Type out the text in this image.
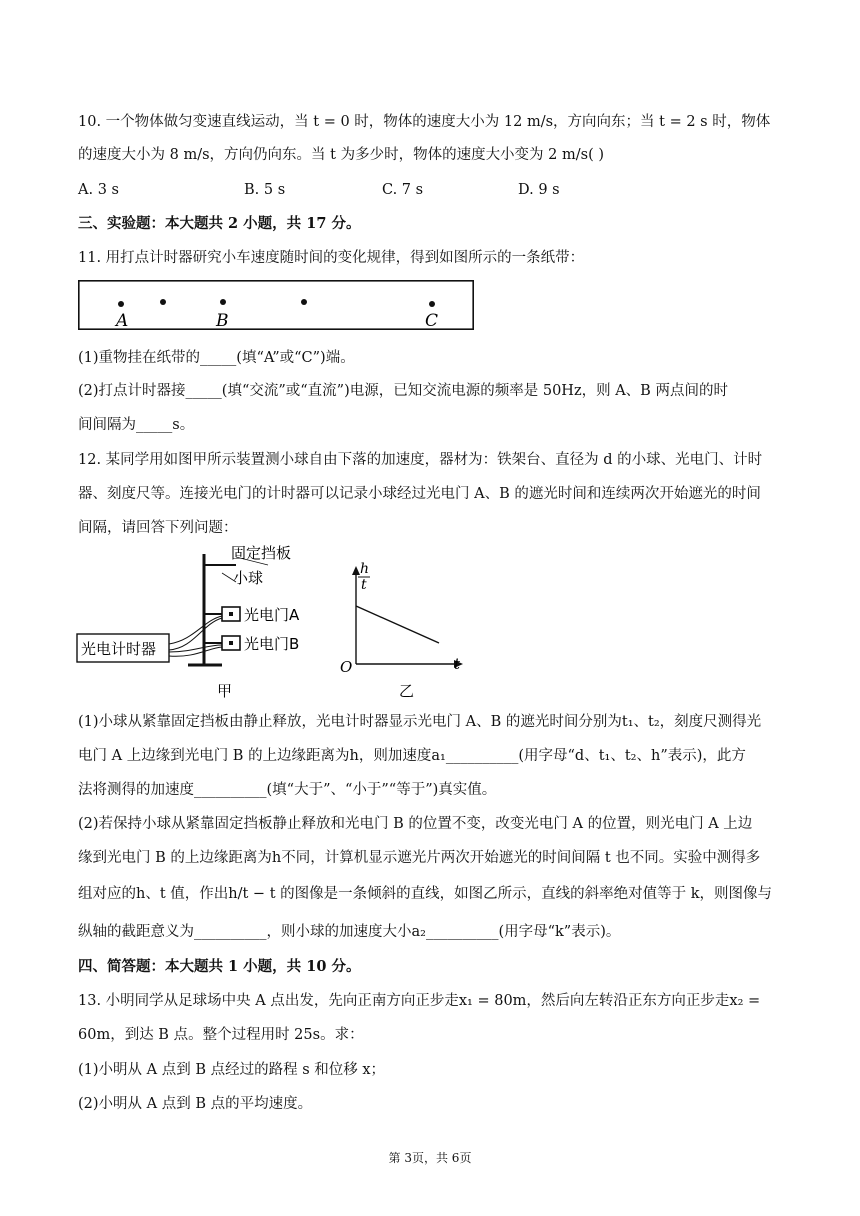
10. 一个物体做匀变速直线运动，当 t = 0 时，物体的速度大小为 12 m/s，方向向东；当 t = 2 s 时，物体
的速度大小为 8 m/s，方向仍向东。当 t 为多少时，物体的速度大小变为 2 m/s( )
A. 3 s	B. 5 s	C. 7 s	D. 9 s
三、实验题：本大题共 2 小题，共 17 分。
11. 用打点计时器研究小车速度随时间的变化规律，得到如图所示的一条纸带：
A	B	C
(1)重物挂在纸带的_____(填“A”或“C”)端。
(2)打点计时器接_____(填“交流”或“直流”)电源，已知交流电源的频率是 50Hz，则 A、B 两点间的时
间间隔为_____s。
12. 某同学用如图甲所示装置测小球自由下落的加速度，器材为：铁架台、直径为 d 的小球、光电门、计时
器、刻度尺等。连接光电门的计时器可以记录小球经过光电门 A、B 的遮光时间和连续两次开始遮光的时间
间隔，请回答下列问题：
固定挡板
小球
光电门A
光电门B
光电计时器
甲
h
t
O	t
乙
(1)小球从紧靠固定挡板由静止释放，光电计时器显示光电门 A、B 的遮光时间分别为t₁、t₂，刻度尺测得光
电门 A 上边缘到光电门 B 的上边缘距离为h，则加速度a₁__________(用字母“d、t₁、t₂、h”表示)，此方
法将测得的加速度__________(填“大于”、“小于”“等于”)真实值。
(2)若保持小球从紧靠固定挡板静止释放和光电门 B 的位置不变，改变光电门 A 的位置，则光电门 A 上边
缘到光电门 B 的上边缘距离为h不同，计算机显示遮光片两次开始遮光的时间间隔 t 也不同。实验中测得多
组对应的h、t 值，作出h/t − t 的图像是一条倾斜的直线，如图乙所示，直线的斜率绝对值等于 k，则图像与
纵轴的截距意义为__________，则小球的加速度大小a₂__________(用字母“k”表示)。
四、简答题：本大题共 1 小题，共 10 分。
13. 小明同学从足球场中央 A 点出发，先向正南方向正步走x₁ = 80m，然后向左转沿正东方向正步走x₂ =
60m，到达 B 点。整个过程用时 25s。求：
(1)小明从 A 点到 B 点经过的路程 s 和位移 x；
(2)小明从 A 点到 B 点的平均速度。
第 3页，共 6页
